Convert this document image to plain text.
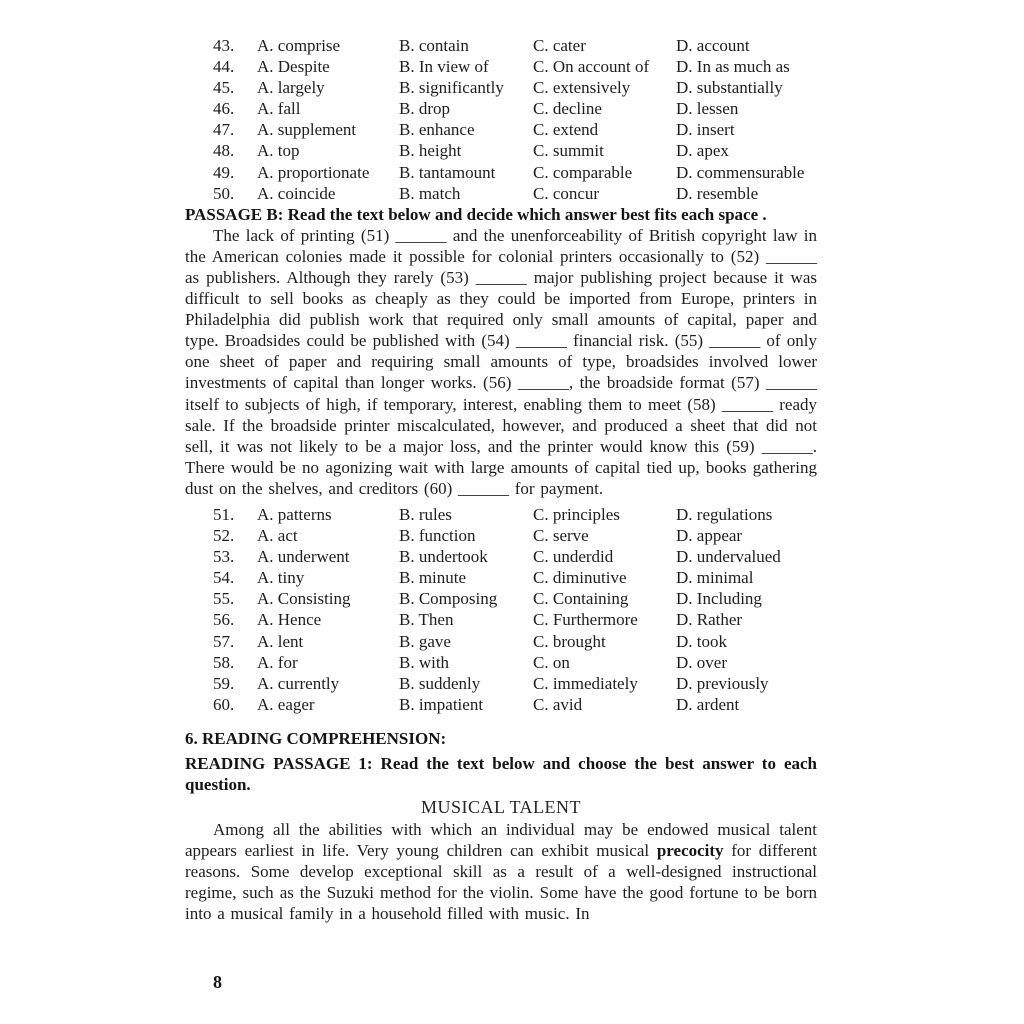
43.	A. comprise	B. contain	C. cater	D. account
44.	A. Despite	B. In view of	C. On account of	D. In as much as
45.	A. largely	B. significantly	C. extensively	D. substantially
46.	A. fall	B. drop	C. decline	D. lessen
47.	A. supplement	B. enhance	C. extend	D. insert
48.	A. top	B. height	C. summit	D. apex
49.	A. proportionate	B. tantamount	C. comparable	D. commensurable
50.	A. coincide	B. match	C. concur	D. resemble

PASSAGE B: Read the text below and decide which answer best fits each space .

The lack of printing (51) ______ and the unenforceability of British copyright law in the American colonies made it possible for colonial printers occasionally to (52) ______ as publishers. Although they rarely (53) ______ major publishing project because it was difficult to sell books as cheaply as they could be imported from Europe, printers in Philadelphia did publish work that required only small amounts of capital, paper and type. Broadsides could be published with (54) ______ financial risk. (55) ______ of only one sheet of paper and requiring small amounts of type, broadsides involved lower investments of capital than longer works. (56) ______, the broadside format (57) ______ itself to subjects of high, if temporary, interest, enabling them to meet (58) ______ ready sale. If the broadside printer miscalculated, however, and produced a sheet that did not sell, it was not likely to be a major loss, and the printer would know this (59) ______. There would be no agonizing wait with large amounts of capital tied up, books gathering dust on the shelves, and creditors (60) ______ for payment.

51.	A. patterns	B. rules	C. principles	D. regulations
52.	A. act	B. function	C. serve	D. appear
53.	A. underwent	B. undertook	C. underdid	D. undervalued
54.	A. tiny	B. minute	C. diminutive	D. minimal
55.	A. Consisting	B. Composing	C. Containing	D. Including
56.	A. Hence	B. Then	C. Furthermore	D. Rather
57.	A. lent	B. gave	C. brought	D. took
58.	A. for	B. with	C. on	D. over
59.	A. currently	B. suddenly	C. immediately	D. previously
60.	A. eager	B. impatient	C. avid	D. ardent

6. READING COMPREHENSION:

READING PASSAGE 1: Read the text below and choose the best answer to each question.

MUSICAL TALENT

Among all the abilities with which an individual may be endowed musical talent appears earliest in life. Very young children can exhibit musical precocity for different reasons. Some develop exceptional skill as a result of a well-designed instructional regime, such as the Suzuki method for the violin. Some have the good fortune to be born into a musical family in a household filled with music. In

8
